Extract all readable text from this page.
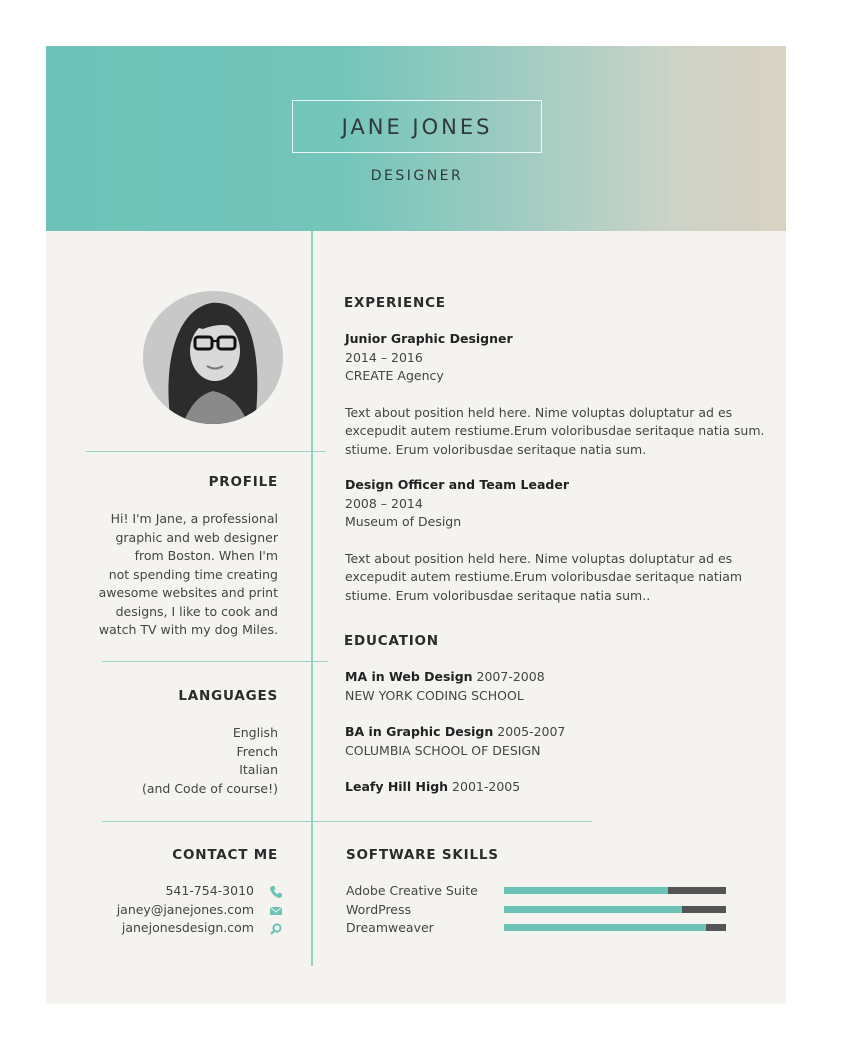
JANE JONES
DESIGNER
PROFILE
Hi! I'm Jane, a professional
graphic and web designer
from Boston. When I'm
not spending time creating
awesome websites and print
designs, I like to cook and
watch TV with my dog Miles.
LANGUAGES
English
French
Italian
(and Code of course!)
CONTACT ME
541-754-3010
janey@janejones.com
janejonesdesign.com
EXPERIENCE
Junior Graphic Designer
2014 – 2016
CREATE Agency
Text about position held here. Nime voluptas doluptatur ad es
excepudit autem restiume.Erum voloribusdae seritaque natia sum.
stiume. Erum voloribusdae seritaque natia sum.
Design Officer and Team Leader
2008 – 2014
Museum of Design
Text about position held here. Nime voluptas doluptatur ad es
excepudit autem restiume.Erum voloribusdae seritaque natiam
stiume. Erum voloribusdae seritaque natia sum..
EDUCATION
MA in Web Design 2007-2008
NEW YORK CODING SCHOOL
BA in Graphic Design 2005-2007
COLUMBIA SCHOOL OF DESIGN
Leafy Hill High 2001-2005
SOFTWARE SKILLS
Adobe Creative Suite
WordPress
Dreamweaver
